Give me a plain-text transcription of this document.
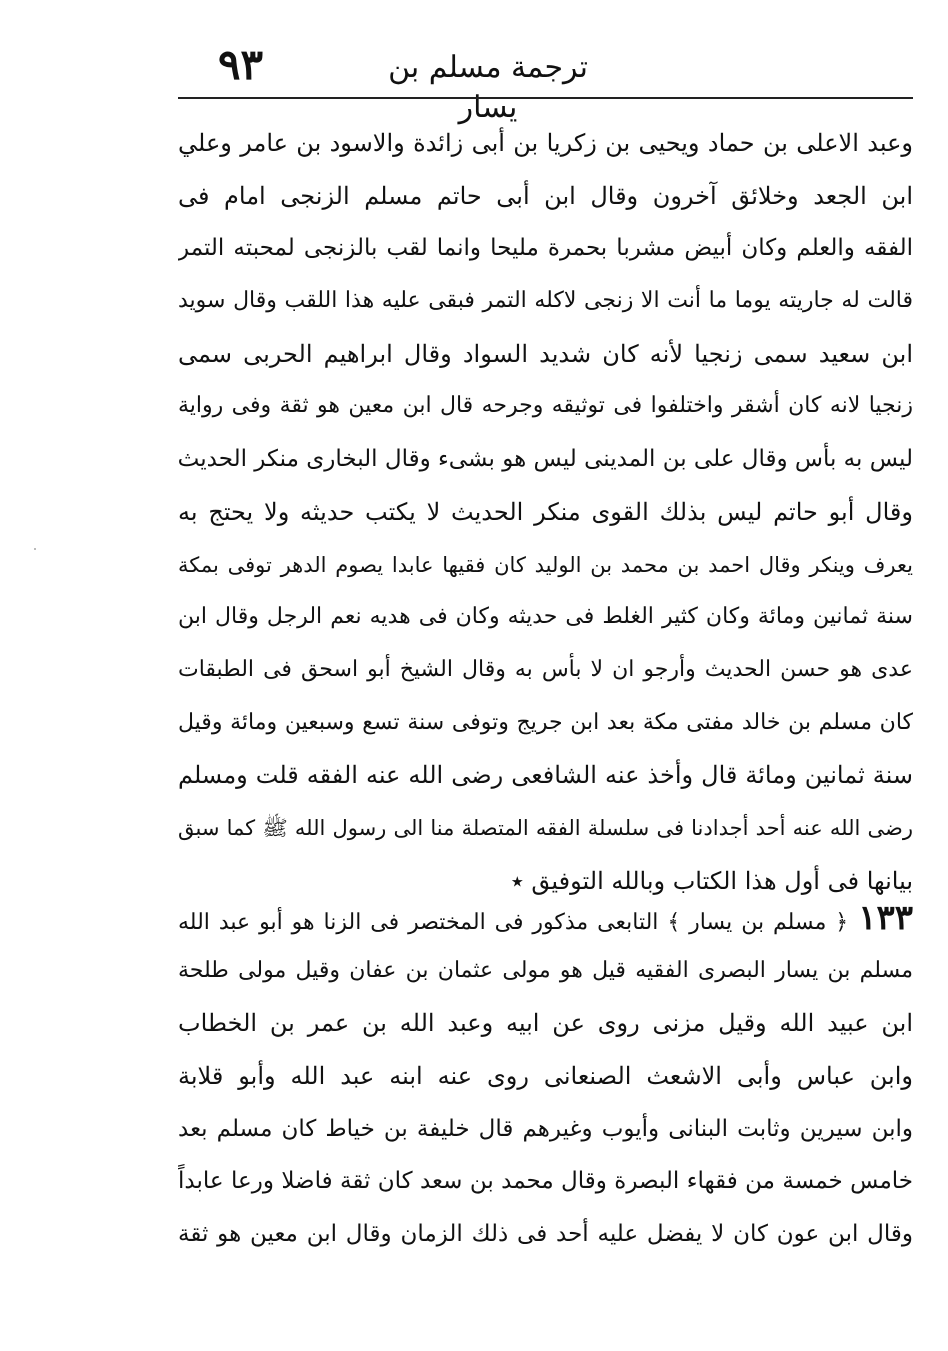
٩٣	ترجمة مسلم بن يسار
وعبد الاعلى بن حماد ويحيى بن زكريا بن أبى زائدة والاسود بن عامر وعلي
ابن الجعد وخلائق آخرون وقال ابن أبى حاتم مسلم الزنجى امام فى
الفقه والعلم وكان أبيض مشربا بحمرة مليحا وانما لقب بالزنجى لمحبته التمر
قالت له جاريته يوما ما أنت الا زنجى لاكله التمر فبقى عليه هذا اللقب وقال سويد
ابن سعيد سمى زنجيا لأنه كان شديد السواد وقال ابراهيم الحربى سمى
زنجيا لانه كان أشقر واختلفوا فى توثيقه وجرحه قال ابن معين هو ثقة وفى رواية
ليس به بأس وقال على بن المدينى ليس هو بشىء وقال البخارى منكر الحديث
وقال أبو حاتم ليس بذلك القوى منكر الحديث لا يكتب حديثه ولا يحتج به
يعرف وينكر وقال احمد بن محمد بن الوليد كان فقيها عابدا يصوم الدهر توفى بمكة
سنة ثمانين ومائة وكان كثير الغلط فى حديثه وكان فى هديه نعم الرجل وقال ابن
عدى هو حسن الحديث وأرجو ان لا بأس به وقال الشيخ أبو اسحق فى الطبقات
كان مسلم بن خالد مفتى مكة بعد ابن جريج وتوفى سنة تسع وسبعين ومائة وقيل
سنة ثمانين ومائة قال وأخذ عنه الشافعى رضى الله عنه الفقه قلت ومسلم
رضى الله عنه أحد أجدادنا فى سلسلة الفقه المتصلة منا الى رسول الله ﷺ كما سبق
بيانها فى أول هذا الكتاب وبالله التوفيق ٭
١٣٣﴿ مسلم بن يسار ﴾ التابعى مذكور فى المختصر فى الزنا هو أبو عبد الله
مسلم بن يسار البصرى الفقيه قيل هو مولى عثمان بن عفان وقيل مولى طلحة
ابن عبيد الله وقيل مزنى روى عن ابيه وعبد الله بن عمر بن الخطاب
وابن عباس وأبى الاشعث الصنعانى روى عنه ابنه عبد الله وأبو قلابة
وابن سيرين وثابت البنانى وأيوب وغيرهم قال خليفة بن خياط كان مسلم بعد
خامس خمسة من فقهاء البصرة وقال محمد بن سعد كان ثقة فاضلا ورعا عابداً
وقال ابن عون كان لا يفضل عليه أحد فى ذلك الزمان وقال ابن معين هو ثقة
